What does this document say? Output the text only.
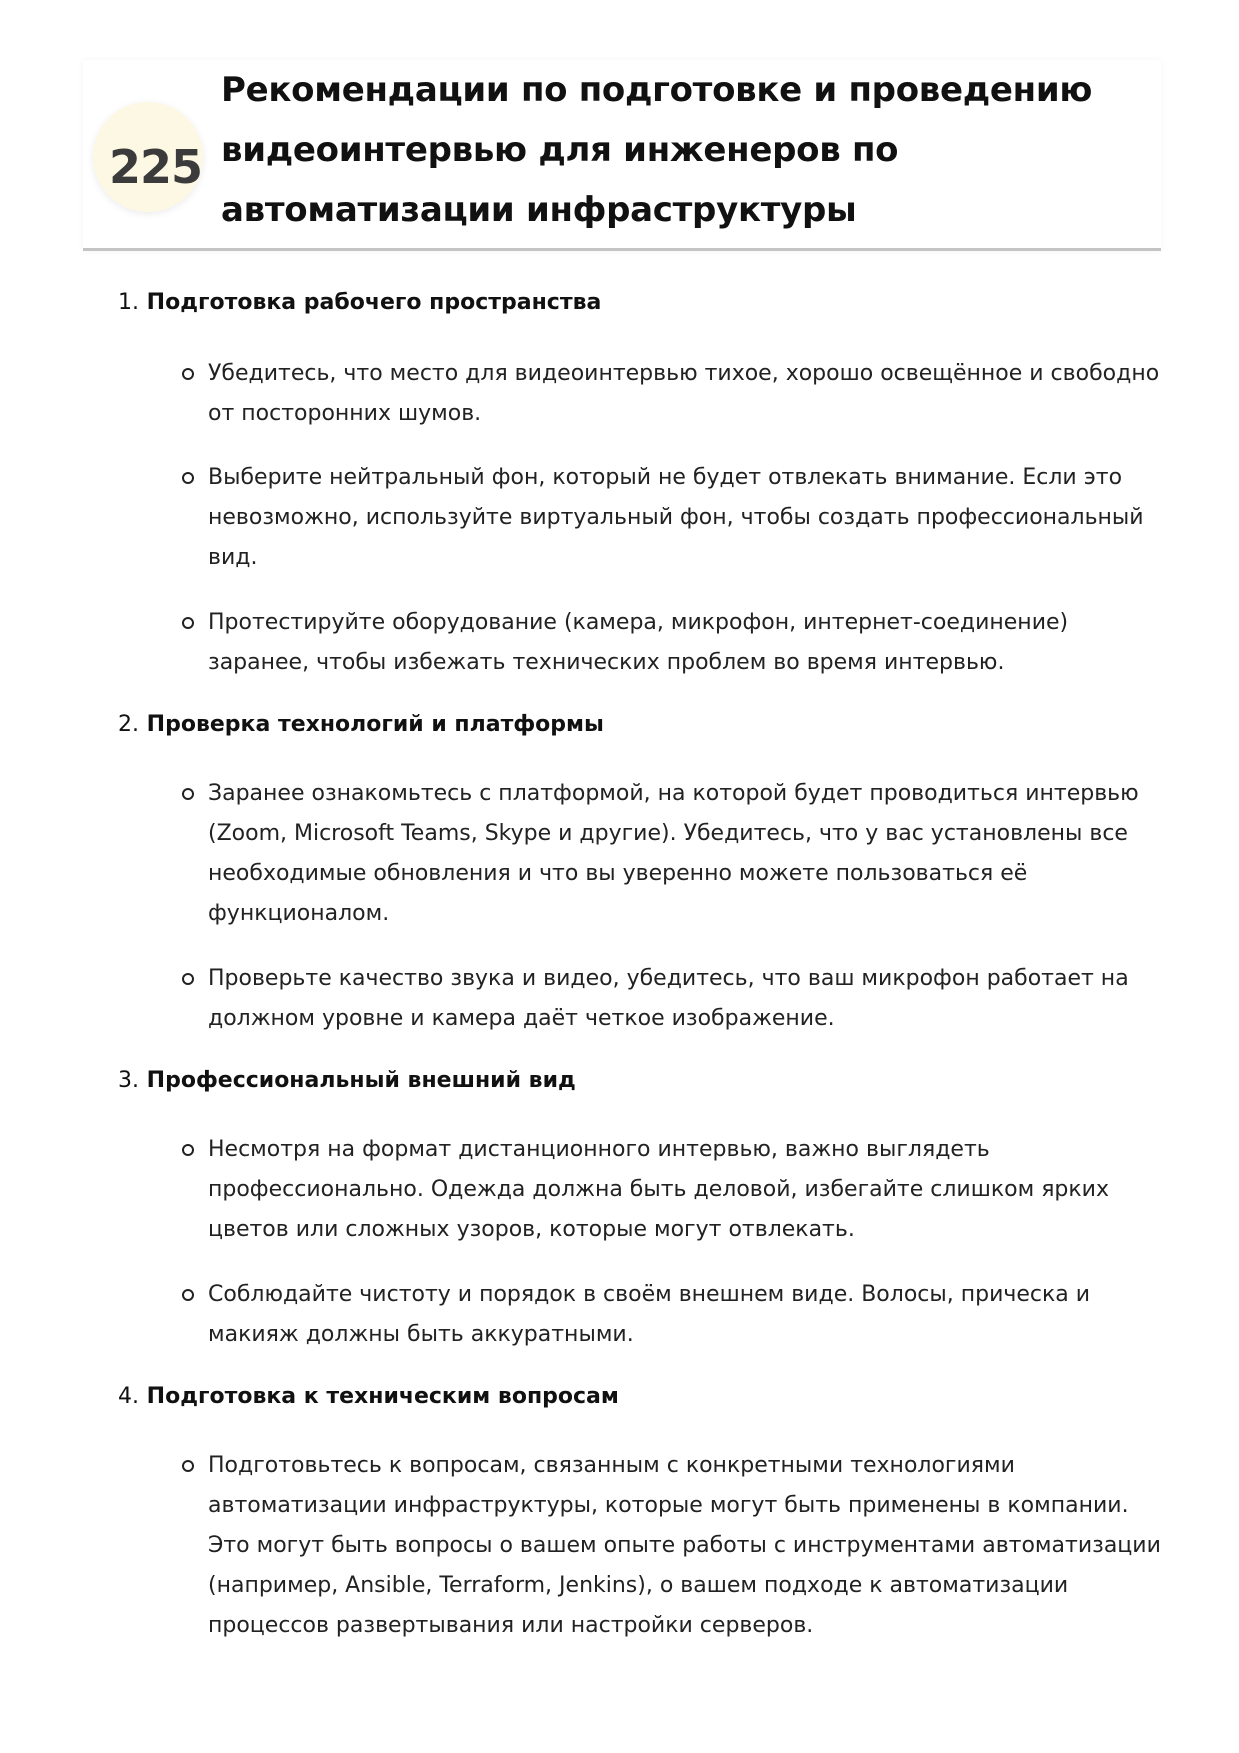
225
Рекомендации по подготовке и проведению видеоинтервью для инженеров по автоматизации инфраструктуры

1. Подготовка рабочего пространства

Убедитесь, что место для видеоинтервью тихое, хорошо освещённое и свободно от посторонних шумов.
Выберите нейтральный фон, который не будет отвлекать внимание. Если это невозможно, используйте виртуальный фон, чтобы создать профессиональный вид.
Протестируйте оборудование (камера, микрофон, интернет-соединение) заранее, чтобы избежать технических проблем во время интервью.

2. Проверка технологий и платформы

Заранее ознакомьтесь с платформой, на которой будет проводиться интервью (Zoom, Microsoft Teams, Skype и другие). Убедитесь, что у вас установлены все необходимые обновления и что вы уверенно можете пользоваться её функционалом.
Проверьте качество звука и видео, убедитесь, что ваш микрофон работает на должном уровне и камера даёт четкое изображение.

3. Профессиональный внешний вид

Несмотря на формат дистанционного интервью, важно выглядеть профессионально. Одежда должна быть деловой, избегайте слишком ярких цветов или сложных узоров, которые могут отвлекать.
Соблюдайте чистоту и порядок в своём внешнем виде. Волосы, прическа и макияж должны быть аккуратными.

4. Подготовка к техническим вопросам

Подготовьтесь к вопросам, связанным с конкретными технологиями автоматизации инфраструктуры, которые могут быть применены в компании. Это могут быть вопросы о вашем опыте работы с инструментами автоматизации (например, Ansible, Terraform, Jenkins), о вашем подходе к автоматизации процессов развертывания или настройки серверов.
